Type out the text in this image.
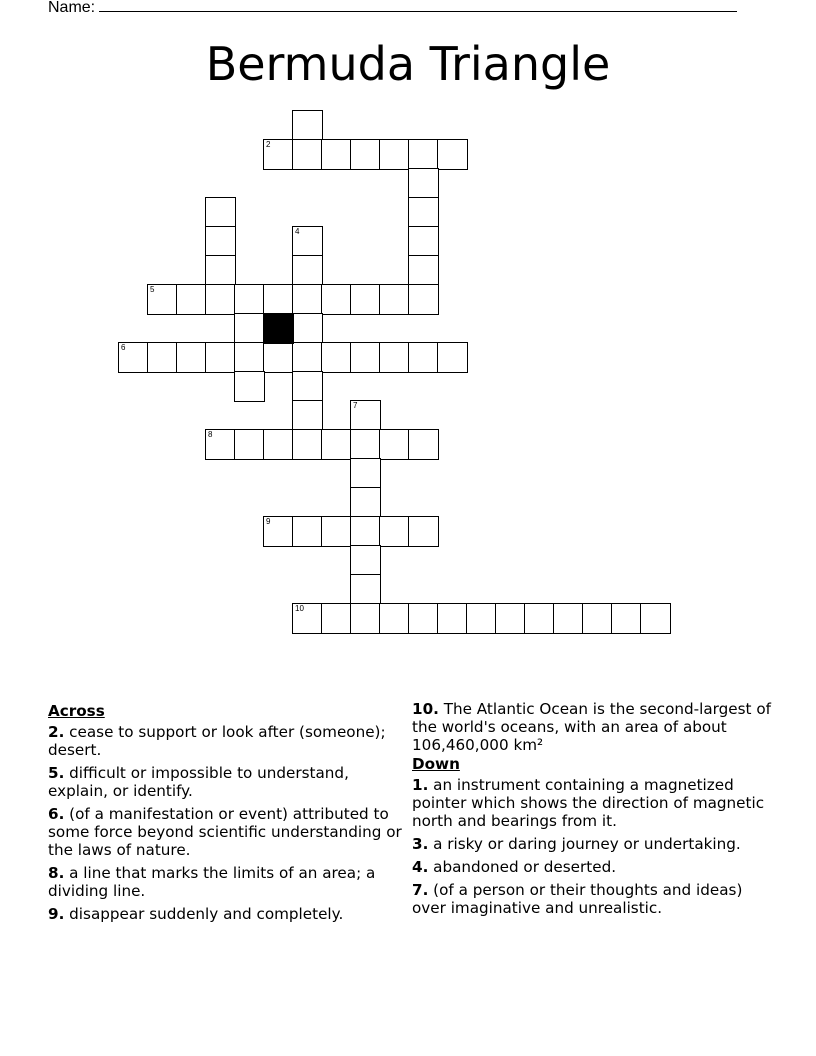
Name:
Bermuda Triangle
2
4
5
6
7
8
9
10
Across
2. cease to support or look after (someone); desert.
5. difficult or impossible to understand, explain, or identify.
6. (of a manifestation or event) attributed to some force beyond scientific understanding or the laws of nature.
8. a line that marks the limits of an area; a dividing line.
9. disappear suddenly and completely.
10. The Atlantic Ocean is the second-largest of the world's oceans, with an area of about 106,460,000 km²
Down
1. an instrument containing a magnetized pointer which shows the direction of magnetic north and bearings from it.
3. a risky or daring journey or undertaking.
4. abandoned or deserted.
7. (of a person or their thoughts and ideas) over imaginative and unrealistic.
